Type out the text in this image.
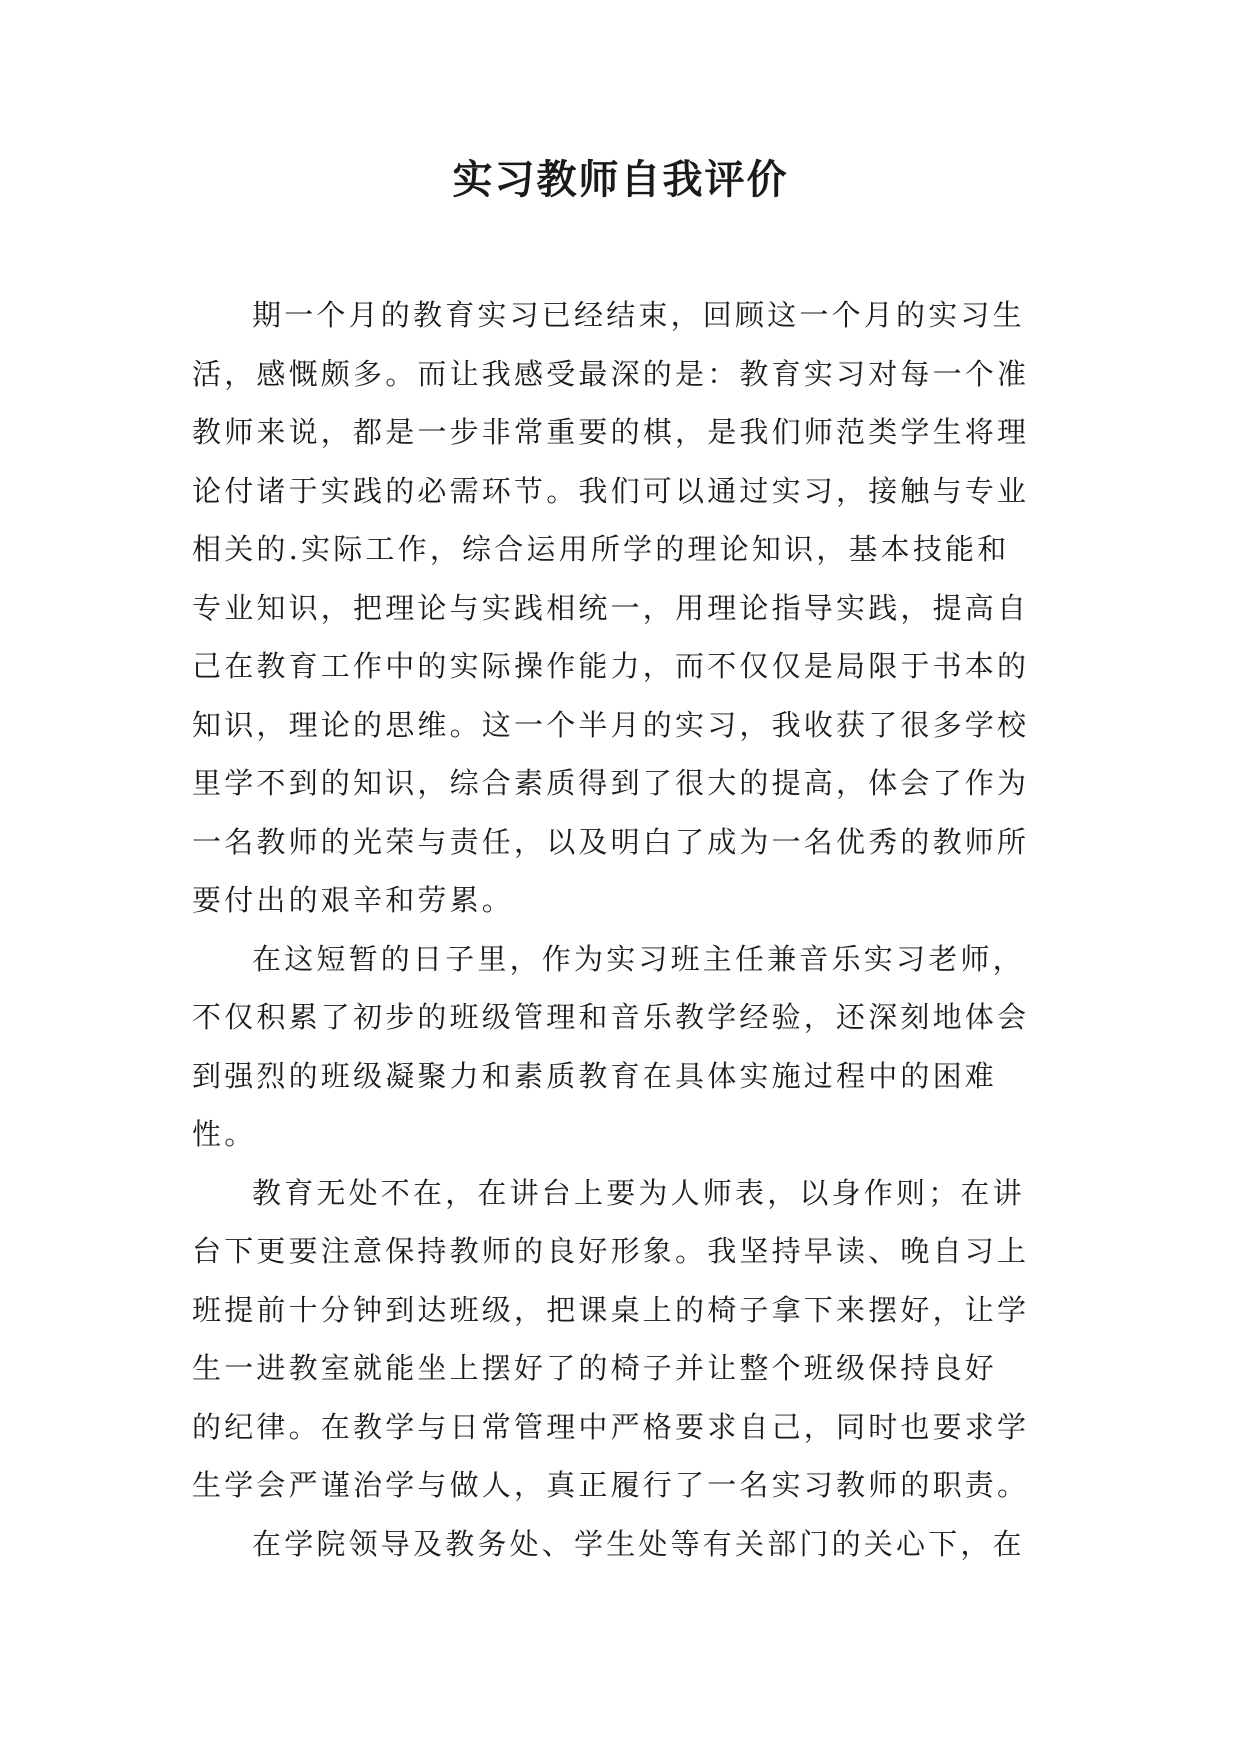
实习教师自我评价
期一个月的教育实习已经结束，回顾这一个月的实习生
活，感慨颇多。而让我感受最深的是：教育实习对每一个准
教师来说，都是一步非常重要的棋，是我们师范类学生将理
论付诸于实践的必需环节。我们可以通过实习，接触与专业
相关的.实际工作，综合运用所学的理论知识，基本技能和
专业知识，把理论与实践相统一，用理论指导实践，提高自
己在教育工作中的实际操作能力，而不仅仅是局限于书本的
知识，理论的思维。这一个半月的实习，我收获了很多学校
里学不到的知识，综合素质得到了很大的提高，体会了作为
一名教师的光荣与责任，以及明白了成为一名优秀的教师所
要付出的艰辛和劳累。
在这短暂的日子里，作为实习班主任兼音乐实习老师，
不仅积累了初步的班级管理和音乐教学经验，还深刻地体会
到强烈的班级凝聚力和素质教育在具体实施过程中的困难
性。
教育无处不在，在讲台上要为人师表，以身作则；在讲
台下更要注意保持教师的良好形象。我坚持早读、晚自习上
班提前十分钟到达班级，把课桌上的椅子拿下来摆好，让学
生一进教室就能坐上摆好了的椅子并让整个班级保持良好
的纪律。在教学与日常管理中严格要求自己，同时也要求学
生学会严谨治学与做人，真正履行了一名实习教师的职责。
在学院领导及教务处、学生处等有关部门的关心下，在
